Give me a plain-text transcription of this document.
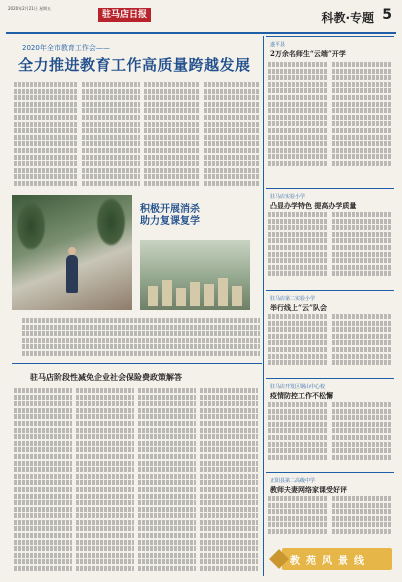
2020年2月21日 星期五
驻马店日报	科教·专题 5
2020年全市教育工作会——
全力推进教育工作高质量跨越发展
积极开展消杀
助力复课复学
驻马店阶段性减免企业社会保险费政策解答
遂平县
2万余名师生“云端”开学
驻马店实验小学
凸显办学特色 提高办学质量
驻马店第二实验小学
举行线上“云”队会
驻马店开发区钢山中心校
疫情防控工作不松懈
正阳县第二高级中学
教师夫妻网络家课受好评
教苑风景线
